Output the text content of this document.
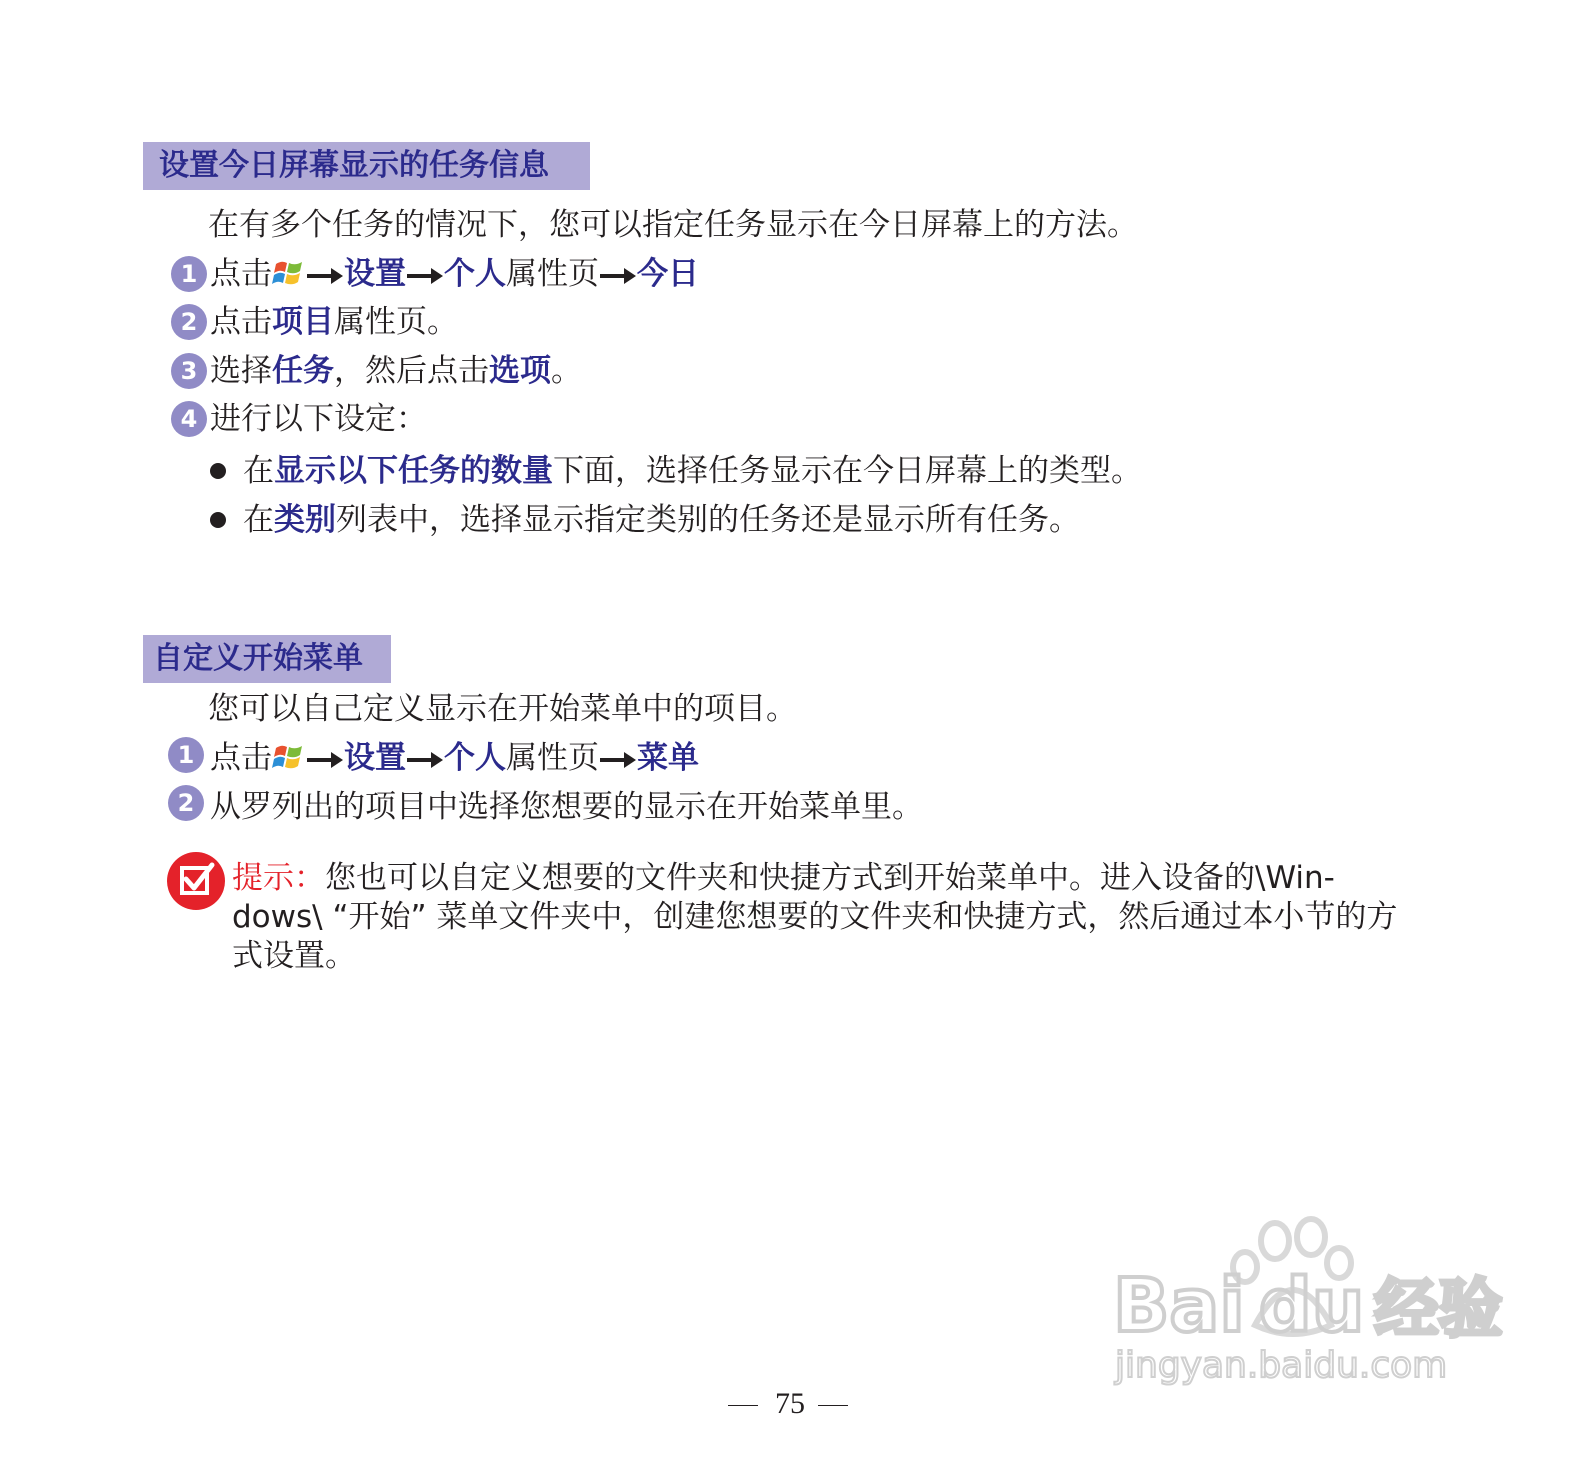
设置今日屏幕显示的任务信息
在有多个任务的情况下，您可以指定任务显示在今日屏幕上的方法。
1 点击 设置 个人属性页 今日
2 点击项目属性页。
3 选择任务，然后点击选项。
4 进行以下设定：
在显示以下任务的数量下面，选择任务显示在今日屏幕上的类型。
在类别列表中，选择显示指定类别的任务还是显示所有任务。
自定义开始菜单
您可以自己定义显示在开始菜单中的项目。
1 点击 设置 个人属性页 菜单
2 从罗列出的项目中选择您想要的显示在开始菜单里。
提示：您也可以自定义想要的文件夹和快捷方式到开始菜单中。进入设备的\Win-
dows\ “开始” 菜单文件夹中，创建您想要的文件夹和快捷方式，然后通过本小节的方
式设置。
Bai du 经验
jingyan.baidu.com
75
